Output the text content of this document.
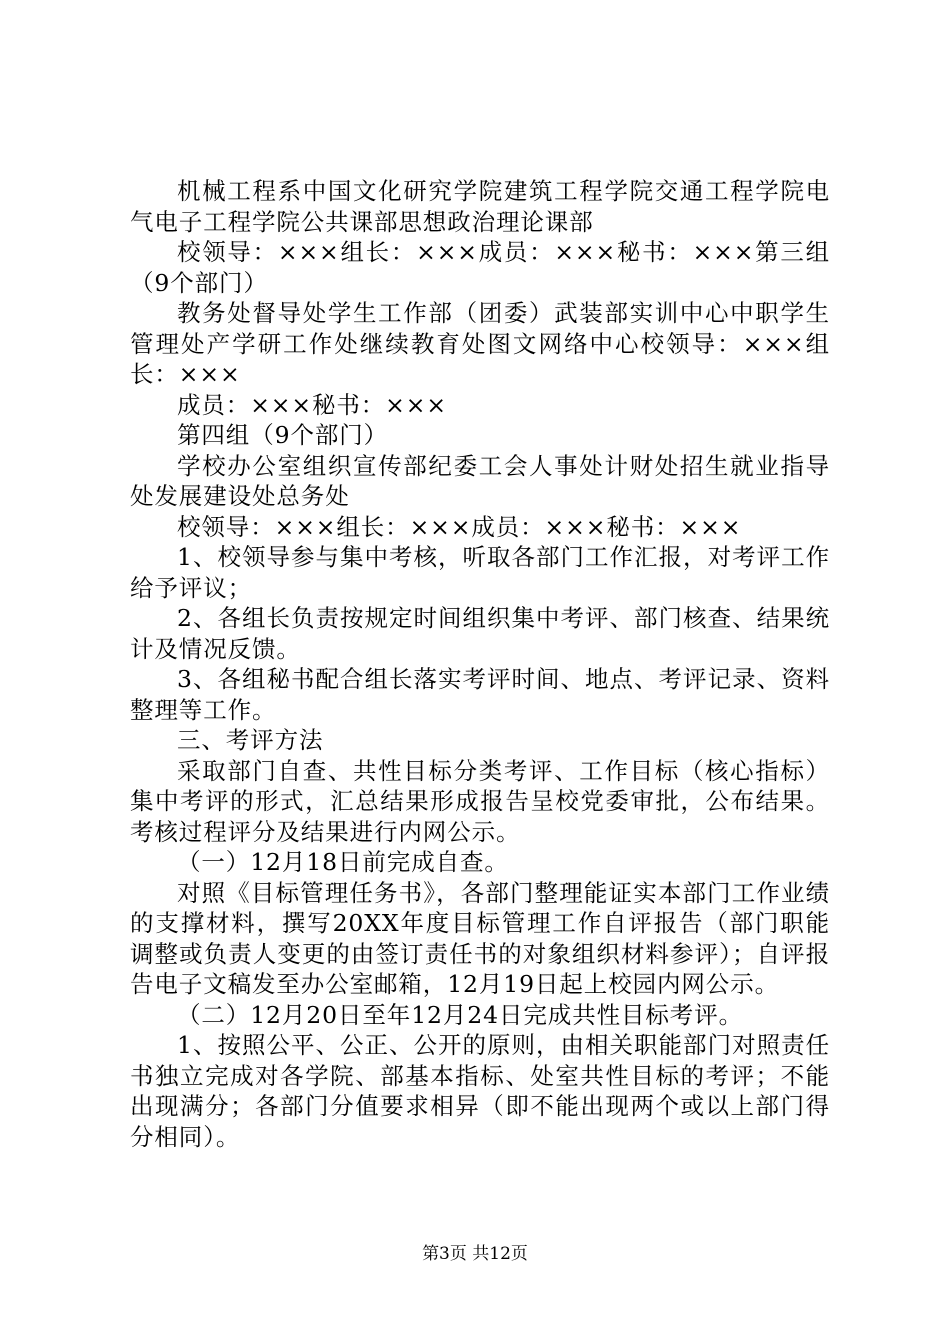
机械工程系中国文化研究学院建筑工程学院交通工程学院电气电子工程学院公共课部思想政治理论课部

校领导：×××组长：×××成员：×××秘书：×××第三组（9个部门）

教务处督导处学生工作部（团委）武装部实训中心中职学生管理处产学研工作处继续教育处图文网络中心校领导：×××组长：×××

成员：×××秘书：×××

第四组（9个部门）

学校办公室组织宣传部纪委工会人事处计财处招生就业指导处发展建设处总务处

校领导：×××组长：×××成员：×××秘书：×××

1、校领导参与集中考核，听取各部门工作汇报，对考评工作给予评议；

2、各组长负责按规定时间组织集中考评、部门核查、结果统计及情况反馈。

3、各组秘书配合组长落实考评时间、地点、考评记录、资料整理等工作。

三、考评方法

采取部门自查、共性目标分类考评、工作目标（核心指标）集中考评的形式，汇总结果形成报告呈校党委审批，公布结果。考核过程评分及结果进行内网公示。

（一）12月18日前完成自查。

对照《目标管理任务书》，各部门整理能证实本部门工作业绩的支撑材料，撰写20XX年度目标管理工作自评报告（部门职能调整或负责人变更的由签订责任书的对象组织材料参评）；自评报告电子文稿发至办公室邮箱，12月19日起上校园内网公示。

（二）12月20日至年12月24日完成共性目标考评。

1、按照公平、公正、公开的原则，由相关职能部门对照责任书独立完成对各学院、部基本指标、处室共性目标的考评；不能出现满分；各部门分值要求相异（即不能出现两个或以上部门得分相同）。

第3页 共12页
